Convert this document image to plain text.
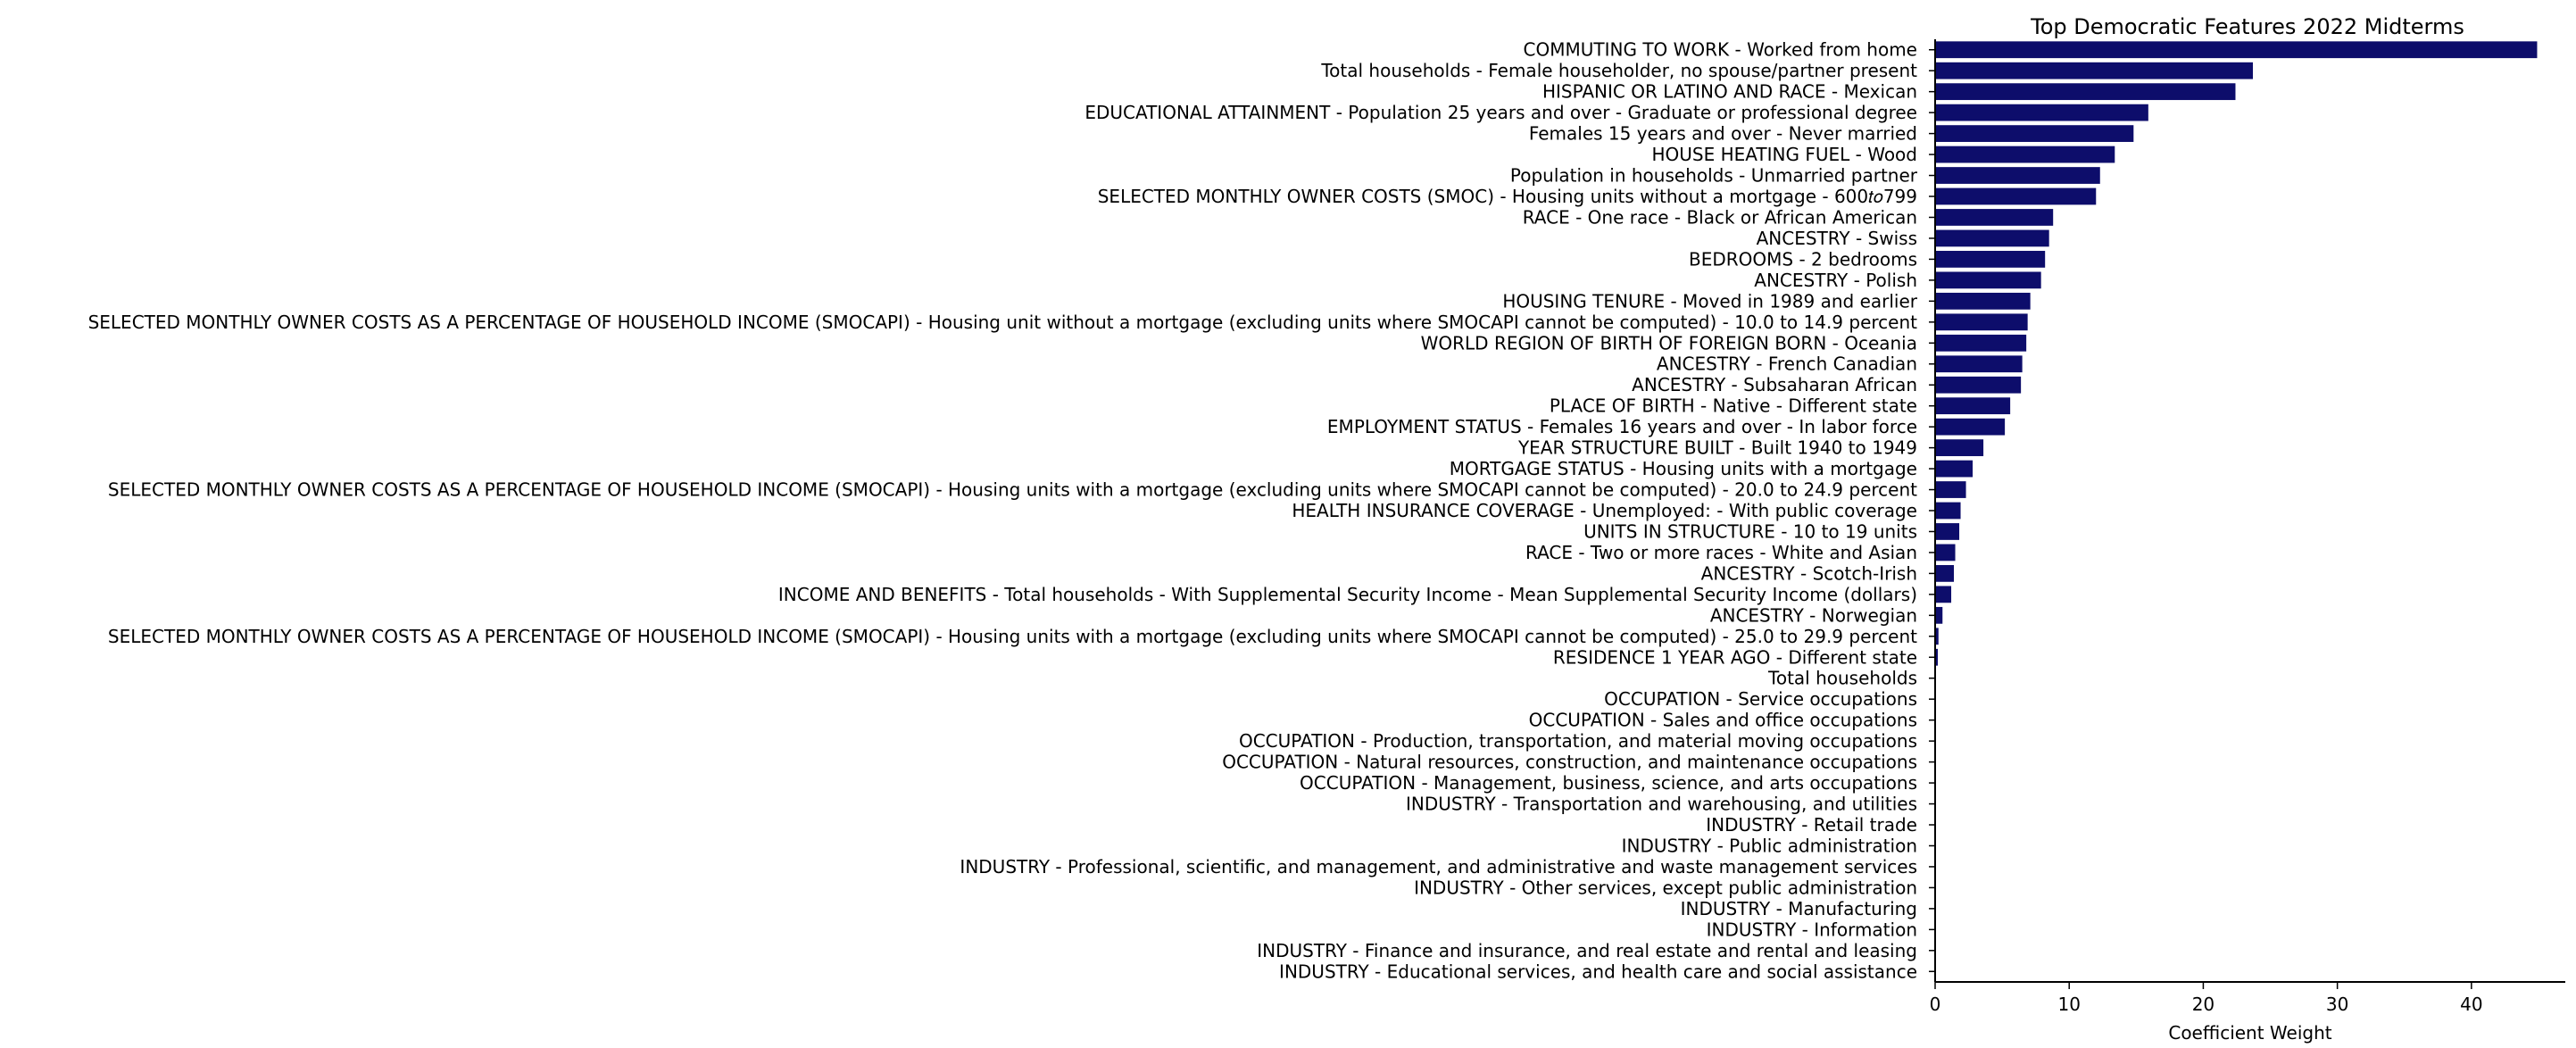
Top Democratic Features 2022 Midterms
COMMUTING TO WORK - Worked from home
Total households - Female householder, no spouse/partner present
HISPANIC OR LATINO AND RACE - Mexican
EDUCATIONAL ATTAINMENT - Population 25 years and over - Graduate or professional degree
Females 15 years and over - Never married
HOUSE HEATING FUEL - Wood
Population in households - Unmarried partner
SELECTED MONTHLY OWNER COSTS (SMOC) - Housing units without a mortgage - 600𝑡𝑜799
RACE - One race - Black or African American
ANCESTRY - Swiss
BEDROOMS - 2 bedrooms
ANCESTRY - Polish
HOUSING TENURE - Moved in 1989 and earlier
SELECTED MONTHLY OWNER COSTS AS A PERCENTAGE OF HOUSEHOLD INCOME (SMOCAPI) - Housing unit without a mortgage (excluding units where SMOCAPI cannot be computed) - 10.0 to 14.9 percent
WORLD REGION OF BIRTH OF FOREIGN BORN - Oceania
ANCESTRY - French Canadian
ANCESTRY - Subsaharan African
PLACE OF BIRTH - Native - Different state
EMPLOYMENT STATUS - Females 16 years and over - In labor force
YEAR STRUCTURE BUILT - Built 1940 to 1949
MORTGAGE STATUS - Housing units with a mortgage
SELECTED MONTHLY OWNER COSTS AS A PERCENTAGE OF HOUSEHOLD INCOME (SMOCAPI) - Housing units with a mortgage (excluding units where SMOCAPI cannot be computed) - 20.0 to 24.9 percent
HEALTH INSURANCE COVERAGE - Unemployed: - With public coverage
UNITS IN STRUCTURE - 10 to 19 units
RACE - Two or more races - White and Asian
ANCESTRY - Scotch-Irish
INCOME AND BENEFITS - Total households - With Supplemental Security Income - Mean Supplemental Security Income (dollars)
ANCESTRY - Norwegian
SELECTED MONTHLY OWNER COSTS AS A PERCENTAGE OF HOUSEHOLD INCOME (SMOCAPI) - Housing units with a mortgage (excluding units where SMOCAPI cannot be computed) - 25.0 to 29.9 percent
RESIDENCE 1 YEAR AGO - Different state
Total households
OCCUPATION - Service occupations
OCCUPATION - Sales and office occupations
OCCUPATION - Production, transportation, and material moving occupations
OCCUPATION - Natural resources, construction, and maintenance occupations
OCCUPATION - Management, business, science, and arts occupations
INDUSTRY - Transportation and warehousing, and utilities
INDUSTRY - Retail trade
INDUSTRY - Public administration
INDUSTRY - Professional, scientific, and management, and administrative and waste management services
INDUSTRY - Other services, except public administration
INDUSTRY - Manufacturing
INDUSTRY - Information
INDUSTRY - Finance and insurance, and real estate and rental and leasing
INDUSTRY - Educational services, and health care and social assistance
0	10	20	30	40
Coefficient Weight
